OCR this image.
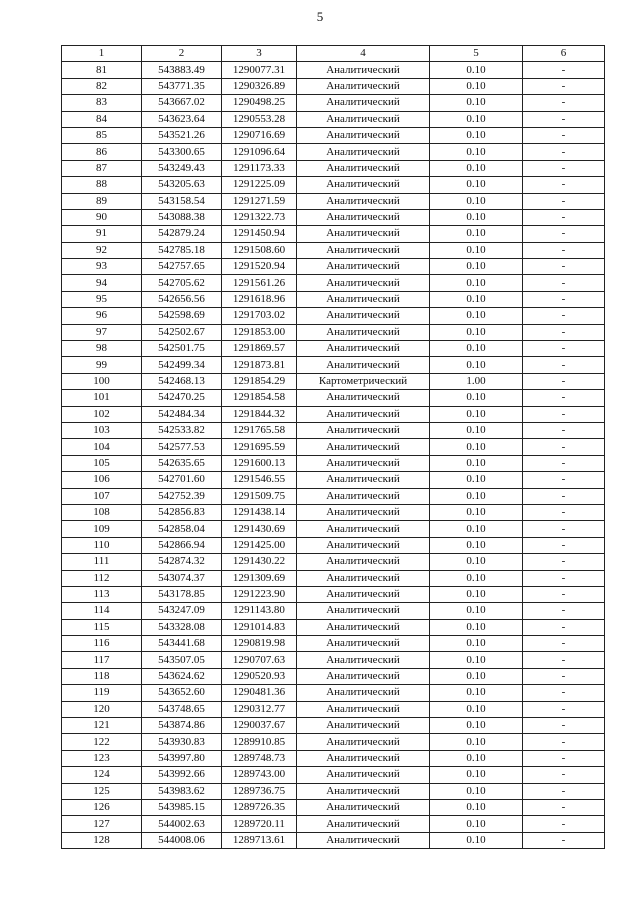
5
1	2	3	4	5	6
81	543883.49	1290077.31	Аналитический	0.10	-
82	543771.35	1290326.89	Аналитический	0.10	-
83	543667.02	1290498.25	Аналитический	0.10	-
84	543623.64	1290553.28	Аналитический	0.10	-
85	543521.26	1290716.69	Аналитический	0.10	-
86	543300.65	1291096.64	Аналитический	0.10	-
87	543249.43	1291173.33	Аналитический	0.10	-
88	543205.63	1291225.09	Аналитический	0.10	-
89	543158.54	1291271.59	Аналитический	0.10	-
90	543088.38	1291322.73	Аналитический	0.10	-
91	542879.24	1291450.94	Аналитический	0.10	-
92	542785.18	1291508.60	Аналитический	0.10	-
93	542757.65	1291520.94	Аналитический	0.10	-
94	542705.62	1291561.26	Аналитический	0.10	-
95	542656.56	1291618.96	Аналитический	0.10	-
96	542598.69	1291703.02	Аналитический	0.10	-
97	542502.67	1291853.00	Аналитический	0.10	-
98	542501.75	1291869.57	Аналитический	0.10	-
99	542499.34	1291873.81	Аналитический	0.10	-
100	542468.13	1291854.29	Картометрический	1.00	-
101	542470.25	1291854.58	Аналитический	0.10	-
102	542484.34	1291844.32	Аналитический	0.10	-
103	542533.82	1291765.58	Аналитический	0.10	-
104	542577.53	1291695.59	Аналитический	0.10	-
105	542635.65	1291600.13	Аналитический	0.10	-
106	542701.60	1291546.55	Аналитический	0.10	-
107	542752.39	1291509.75	Аналитический	0.10	-
108	542856.83	1291438.14	Аналитический	0.10	-
109	542858.04	1291430.69	Аналитический	0.10	-
110	542866.94	1291425.00	Аналитический	0.10	-
111	542874.32	1291430.22	Аналитический	0.10	-
112	543074.37	1291309.69	Аналитический	0.10	-
113	543178.85	1291223.90	Аналитический	0.10	-
114	543247.09	1291143.80	Аналитический	0.10	-
115	543328.08	1291014.83	Аналитический	0.10	-
116	543441.68	1290819.98	Аналитический	0.10	-
117	543507.05	1290707.63	Аналитический	0.10	-
118	543624.62	1290520.93	Аналитический	0.10	-
119	543652.60	1290481.36	Аналитический	0.10	-
120	543748.65	1290312.77	Аналитический	0.10	-
121	543874.86	1290037.67	Аналитический	0.10	-
122	543930.83	1289910.85	Аналитический	0.10	-
123	543997.80	1289748.73	Аналитический	0.10	-
124	543992.66	1289743.00	Аналитический	0.10	-
125	543983.62	1289736.75	Аналитический	0.10	-
126	543985.15	1289726.35	Аналитический	0.10	-
127	544002.63	1289720.11	Аналитический	0.10	-
128	544008.06	1289713.61	Аналитический	0.10	-
